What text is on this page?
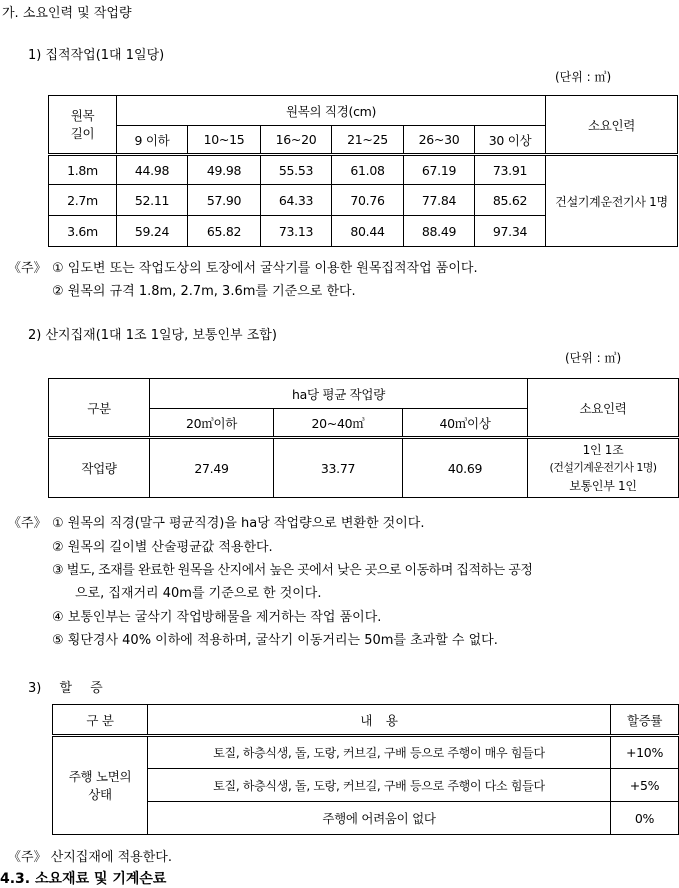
가. 소요인력 및 작업량
1) 집적작업(1대 1일당)
(단위 : ㎥)
원목
길이	원목의 직경(cm)						소요인력
	9 이하	10~15	16~20	21~25	26~30	30 이상	
1.8m	44.98	49.98	55.53	61.08	67.19	73.91	건설기계운전기사 1명
2.7m	52.11	57.90	64.33	70.76	77.84	85.62	
3.6m	59.24	65.82	73.13	80.44	88.49	97.34	
《주》 ① 임도변 또는 작업도상의 토장에서 굴삭기를 이용한 원목집적작업 품이다.
② 원목의 규격 1.8m, 2.7m, 3.6m를 기준으로 한다.
2) 산지집재(1대 1조 1일당, 보통인부 조합)
(단위 : ㎥)
구분	ha당 평균 작업량			소요인력
	20㎥이하	20~40㎥	40㎥이상	
작업량	27.49	33.77	40.69	1인 1조
(건설기계운전기사 1명)
보통인부 1인
《주》 ① 원목의 직경(말구 평균직경)을 ha당 작업량으로 변환한 것이다.
② 원목의 길이별 산술평균값 적용한다.
③ 벌도, 조재를 완료한 원목을 산지에서 높은 곳에서 낮은 곳으로 이동하며 집적하는 공정
으로, 집재거리 40m를 기준으로 한 것이다.
④ 보통인부는 굴삭기 작업방해물을 제거하는 작업 품이다.
⑤ 횡단경사 40% 이하에 적용하며, 굴삭기 이동거리는 50m를 초과할 수 없다.
3) 할 증
구 분	내 용	할증률
주행 노면의
상태	토질, 하층식생, 돌, 도랑, 커브길, 구배 등으로 주행이 매우 힘들다	+10%
	토질, 하층식생, 돌, 도랑, 커브길, 구배 등으로 주행이 다소 힘들다	+5%
	주행에 어려움이 없다	0%
《주》 산지집재에 적용한다.
4.3. 소요재료 및 기계손료
